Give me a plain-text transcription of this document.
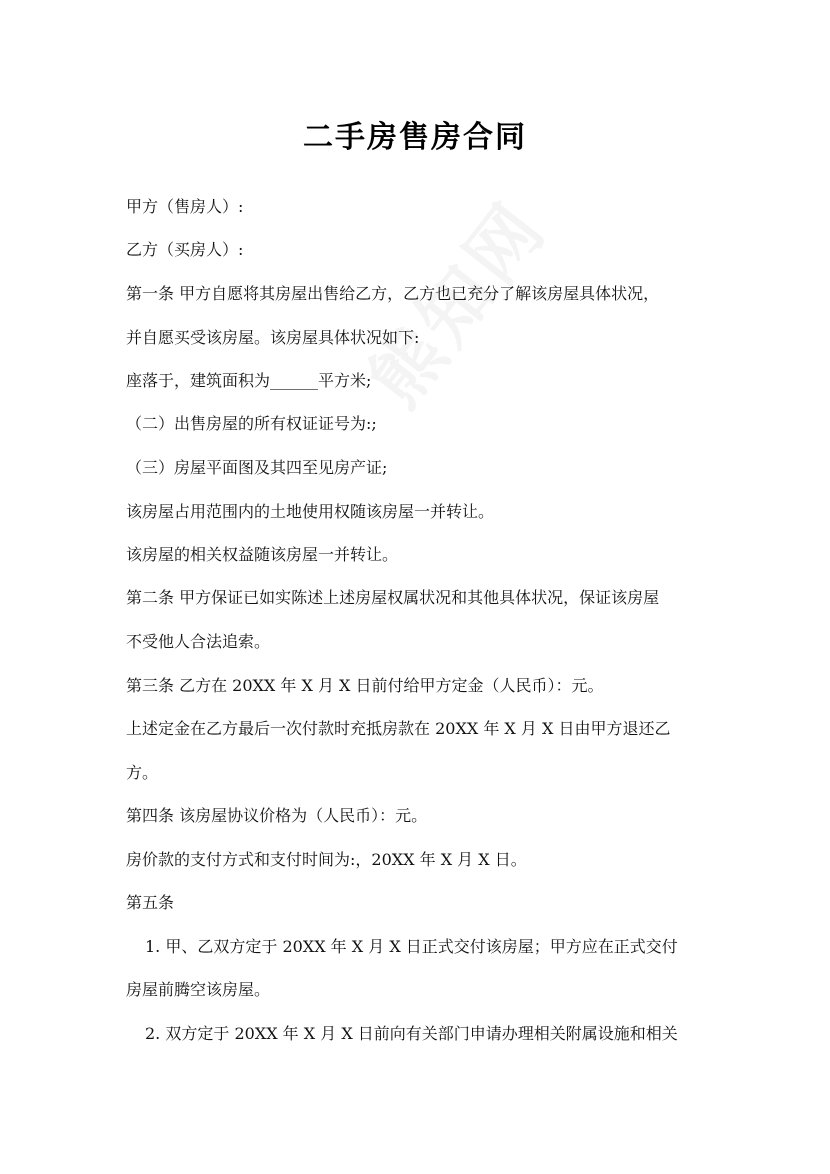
二手房售房合同
甲方（售房人）:
乙方（买房人）:
第一条 甲方自愿将其房屋出售给乙方，乙方也已充分了解该房屋具体状况，
并自愿买受该房屋。该房屋具体状况如下:
座落于，建筑面积为______平方米;
（二）出售房屋的所有权证证号为:;
（三）房屋平面图及其四至见房产证;
该房屋占用范围内的土地使用权随该房屋一并转让。
该房屋的相关权益随该房屋一并转让。
第二条 甲方保证已如实陈述上述房屋权属状况和其他具体状况，保证该房屋
不受他人合法追索。
第三条 乙方在 20XX 年 X 月 X 日前付给甲方定金（人民币）：元。
上述定金在乙方最后一次付款时充抵房款在 20XX 年 X 月 X 日由甲方退还乙
方。
第四条 该房屋协议价格为（人民币）：元。
房价款的支付方式和支付时间为:，20XX 年 X 月 X 日。
第五条
1. 甲、乙双方定于 20XX 年 X 月 X 日正式交付该房屋；甲方应在正式交付
房屋前腾空该房屋。
2. 双方定于 20XX 年 X 月 X 日前向有关部门申请办理相关附属设施和相关
